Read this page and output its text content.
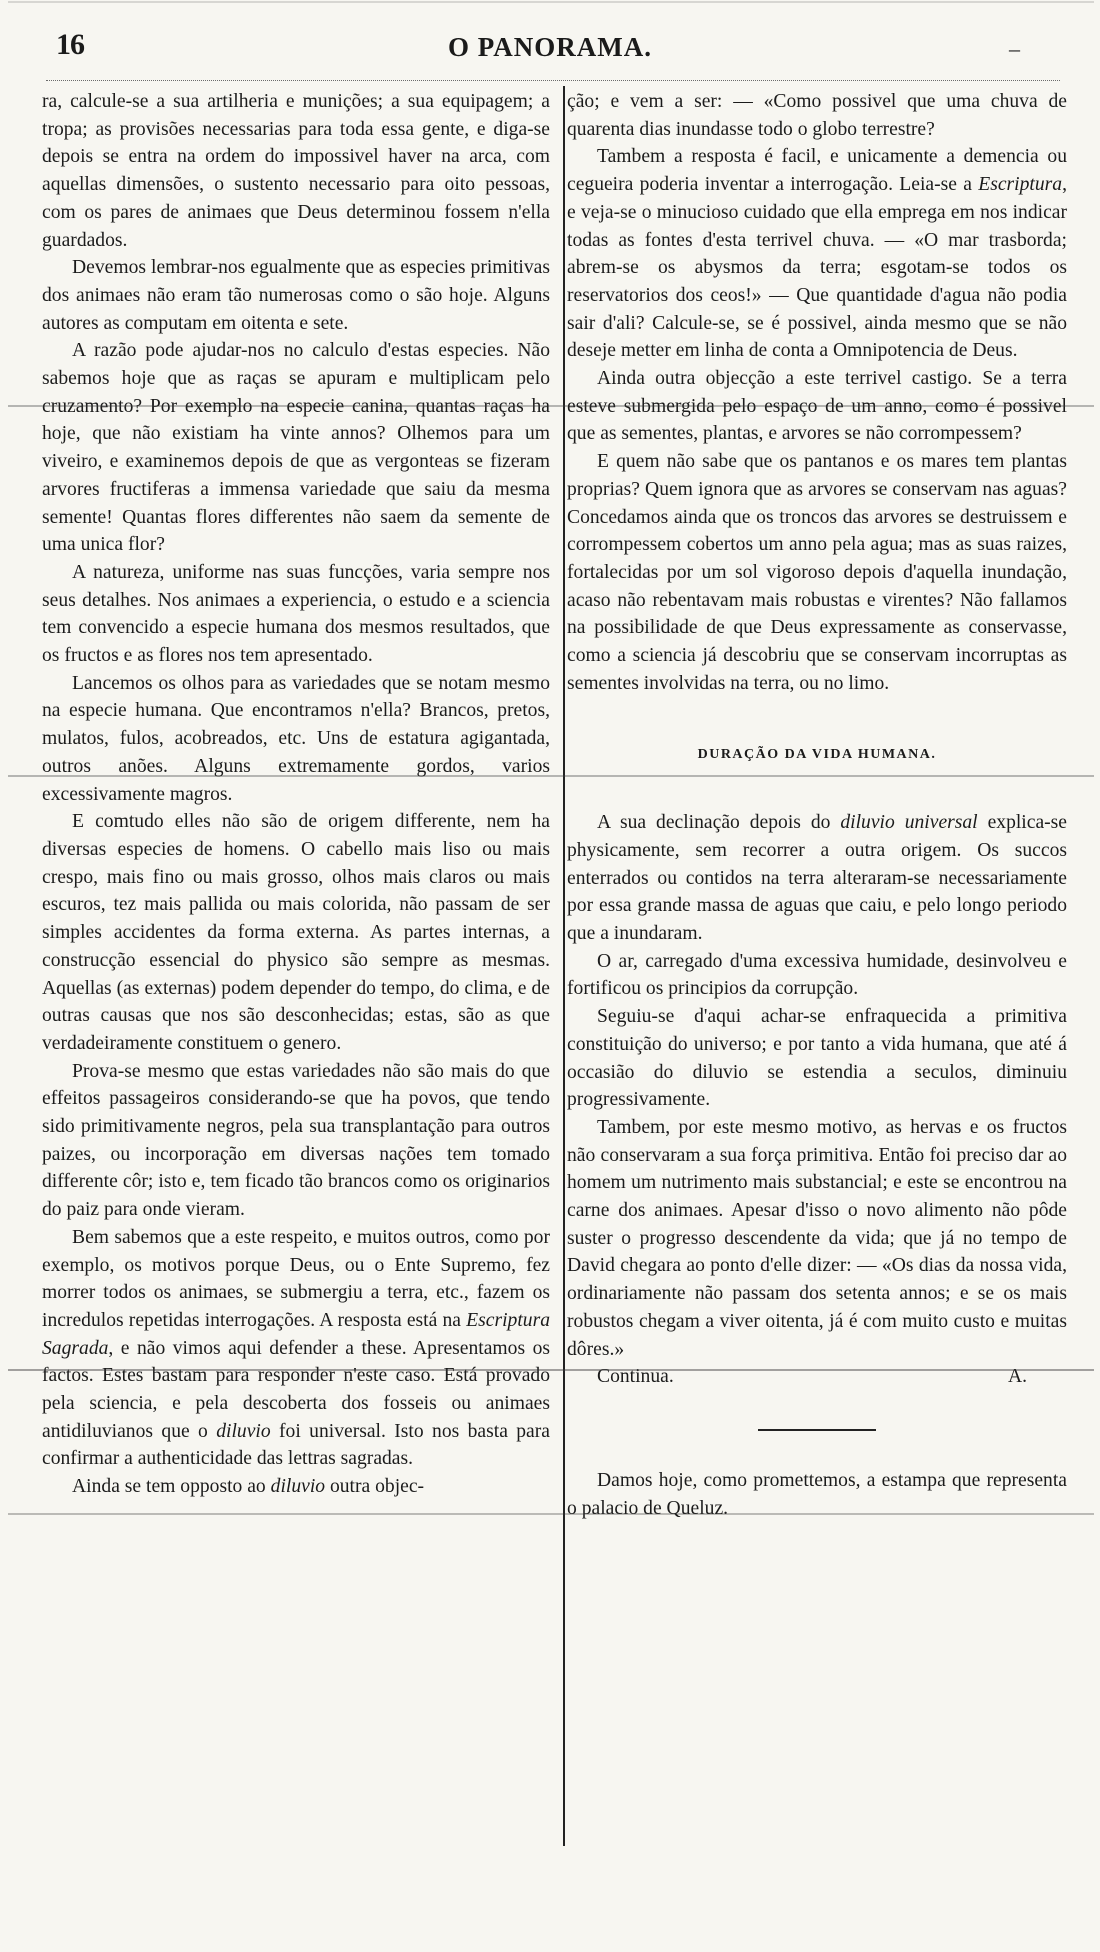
16	O PANORAMA.	–

ra, calcule-se a sua artilheria e munições; a sua equipagem; a tropa; as provisões necessarias para toda essa gente, e diga-se depois se entra na ordem do impossivel haver na arca, com aquellas dimensões, o sustento necessario para oito pessoas, com os pares de animaes que Deus determinou fossem n'ella guardados.

Devemos lembrar-nos egualmente que as especies primitivas dos animaes não eram tão numerosas como o são hoje. Alguns autores as computam em oitenta e sete.

A razão pode ajudar-nos no calculo d'estas especies. Não sabemos hoje que as raças se apuram e multiplicam pelo cruzamento? Por exemplo na especie canina, quantas raças ha hoje, que não existiam ha vinte annos? Olhemos para um viveiro, e examinemos depois de que as vergonteas se fizeram arvores fructiferas a immensa variedade que saiu da mesma semente! Quantas flores differentes não saem da semente de uma unica flor?

A natureza, uniforme nas suas funcções, varia sempre nos seus detalhes. Nos animaes a experiencia, o estudo e a sciencia tem convencido a especie humana dos mesmos resultados, que os fructos e as flores nos tem apresentado.

Lancemos os olhos para as variedades que se notam mesmo na especie humana. Que encontramos n'ella? Brancos, pretos, mulatos, fulos, acobreados, etc. Uns de estatura agigantada, outros anões. Alguns extremamente gordos, varios excessivamente magros.

E comtudo elles não são de origem differente, nem ha diversas especies de homens. O cabello mais liso ou mais crespo, mais fino ou mais grosso, olhos mais claros ou mais escuros, tez mais pallida ou mais colorida, não passam de ser simples accidentes da forma externa. As partes internas, a construcção essencial do physico são sempre as mesmas. Aquellas (as externas) podem depender do tempo, do clima, e de outras causas que nos são desconhecidas; estas, são as que verdadeiramente constituem o genero.

Prova-se mesmo que estas variedades não são mais do que effeitos passageiros considerando-se que ha povos, que tendo sido primitivamente negros, pela sua transplantação para outros paizes, ou incorporação em diversas nações tem tomado differente côr; isto e, tem ficado tão brancos como os originarios do paiz para onde vieram.

Bem sabemos que a este respeito, e muitos outros, como por exemplo, os motivos porque Deus, ou o Ente Supremo, fez morrer todos os animaes, se submergiu a terra, etc., fazem os incredulos repetidas interrogações. A resposta está na Escriptura Sagrada, e não vimos aqui defender a these. Apresentamos os factos. Estes bastam para responder n'este caso. Está provado pela sciencia, e pela descoberta dos fosseis ou animaes antidiluvianos que o diluvio foi universal. Isto nos basta para confirmar a authenticidade das lettras sagradas.

Ainda se tem opposto ao diluvio outra objec-

ção; e vem a ser: — «Como possivel que uma chuva de quarenta dias inundasse todo o globo terrestre?

Tambem a resposta é facil, e unicamente a demencia ou cegueira poderia inventar a interrogação. Leia-se a Escriptura, e veja-se o minucioso cuidado que ella emprega em nos indicar todas as fontes d'esta terrivel chuva. — «O mar trasborda; abrem-se os abysmos da terra; esgotam-se todos os reservatorios dos ceos!» — Que quantidade d'agua não podia sair d'ali? Calcule-se, se é possivel, ainda mesmo que se não deseje metter em linha de conta a Omnipotencia de Deus.

Ainda outra objecção a este terrivel castigo. Se a terra esteve submergida pelo espaço de um anno, como é possivel que as sementes, plantas, e arvores se não corrompessem?

E quem não sabe que os pantanos e os mares tem plantas proprias? Quem ignora que as arvores se conservam nas aguas? Concedamos ainda que os troncos das arvores se destruissem e corrompessem cobertos um anno pela agua; mas as suas raizes, fortalecidas por um sol vigoroso depois d'aquella inundação, acaso não rebentavam mais robustas e virentes? Não fallamos na possibilidade de que Deus expressamente as conservasse, como a sciencia já descobriu que se conservam incorruptas as sementes involvidas na terra, ou no limo.

DURAÇÃO DA VIDA HUMANA.

A sua declinação depois do diluvio universal explica-se physicamente, sem recorrer a outra origem. Os succos enterrados ou contidos na terra alteraram-se necessariamente por essa grande massa de aguas que caiu, e pelo longo periodo que a inundaram.

O ar, carregado d'uma excessiva humidade, desinvolveu e fortificou os principios da corrupção.

Seguiu-se d'aqui achar-se enfraquecida a primitiva constituição do universo; e por tanto a vida humana, que até á occasião do diluvio se estendia a seculos, diminuiu progressivamente.

Tambem, por este mesmo motivo, as hervas e os fructos não conservaram a sua força primitiva. Então foi preciso dar ao homem um nutrimento mais substancial; e este se encontrou na carne dos animaes. Apesar d'isso o novo alimento não pôde suster o progresso descendente da vida; que já no tempo de David chegara ao ponto d'elle dizer: — «Os dias da nossa vida, ordinariamente não passam dos setenta annos; e se os mais robustos chegam a viver oitenta, já é com muito custo e muitas dôres.»

Continua.	A.

Damos hoje, como promettemos, a estampa que representa o palacio de Queluz.
